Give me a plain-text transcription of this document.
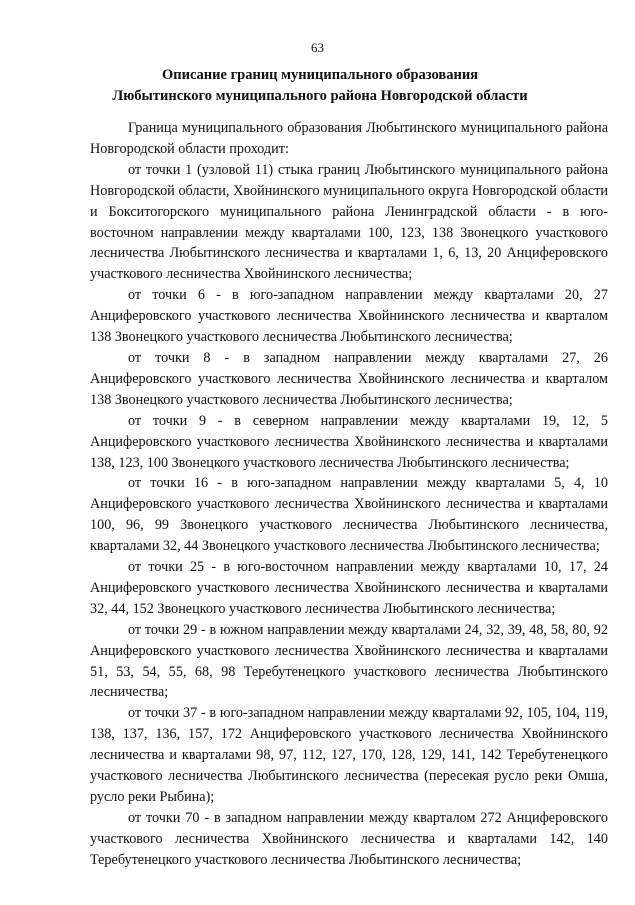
63
Описание границ муниципального образования
Любытинского муниципального района Новгородской области

Граница муниципального образования Любытинского муниципального района Новгородской области проходит:

от точки 1 (узловой 11) стыка границ Любытинского муниципального района Новгородской области, Хвойнинского муниципального округа Новгородской области и Бокситогорского муниципального района Ленинградской области - в юго-восточном направлении между кварталами 100, 123, 138 Звонецкого участкового лесничества Любытинского лесничества и кварталами 1, 6, 13, 20 Анциферовского участкового лесничества Хвойнинского лесничества;

от точки 6 - в юго-западном направлении между кварталами 20, 27 Анциферовского участкового лесничества Хвойнинского лесничества и кварталом 138 Звонецкого участкового лесничества Любытинского лесничества;

от точки 8 - в западном направлении между кварталами 27, 26 Анциферовского участкового лесничества Хвойнинского лесничества и кварталом 138 Звонецкого участкового лесничества Любытинского лесничества;

от точки 9 - в северном направлении между кварталами 19, 12, 5 Анциферовского участкового лесничества Хвойнинского лесничества и кварталами 138, 123, 100 Звонецкого участкового лесничества Любытинского лесничества;

от точки 16 - в юго-западном направлении между кварталами 5, 4, 10 Анциферовского участкового лесничества Хвойнинского лесничества и кварталами 100, 96, 99 Звонецкого участкового лесничества Любытинского лесничества, кварталами 32, 44 Звонецкого участкового лесничества Любытинского лесничества;

от точки 25 - в юго-восточном направлении между кварталами 10, 17, 24 Анциферовского участкового лесничества Хвойнинского лесничества и кварталами 32, 44, 152 Звонецкого участкового лесничества Любытинского лесничества;

от точки 29 - в южном направлении между кварталами 24, 32, 39, 48, 58, 80, 92 Анциферовского участкового лесничества Хвойнинского лесничества и кварталами 51, 53, 54, 55, 68, 98 Теребутенецкого участкового лесничества Любытинского лесничества;

от точки 37 - в юго-западном направлении между кварталами 92, 105, 104, 119, 138, 137, 136, 157, 172 Анциферовского участкового лесничества Хвойнинского лесничества и кварталами 98, 97, 112, 127, 170, 128, 129, 141, 142 Теребутенецкого участкового лесничества Любытинского лесничества (пересекая русло реки Омша, русло реки Рыбина);

от точки 70 - в западном направлении между кварталом 272 Анциферовского участкового лесничества Хвойнинского лесничества и кварталами 142, 140 Теребутенецкого участкового лесничества Любытинского лесничества;
